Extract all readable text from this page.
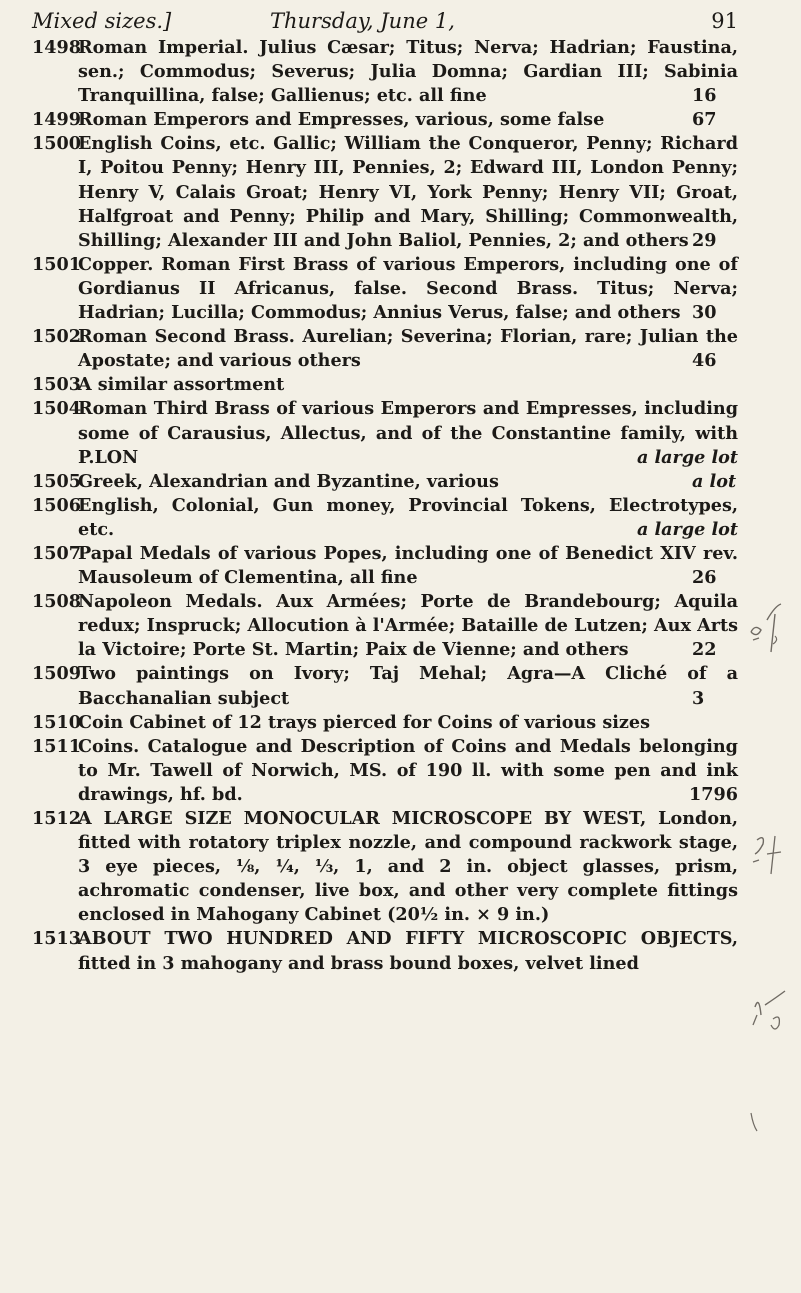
Mixed sizes.]	Thursday, June 1,	91

1498Roman Imperial. Julius Cæsar; Titus; Nerva; Hadrian; Faustina, sen.; Commodus; Severus; Julia Domna; Gardian III; Sabinia Tranquillina, false; Gallienus; etc. all fine	16

1499Roman Emperors and Empresses, various, some false	67

1500English Coins, etc. Gallic; William the Conqueror, Penny; Richard I, Poitou Penny; Henry III, Pennies, 2; Edward III, London Penny; Henry V, Calais Groat; Henry VI, York Penny; Henry VII; Groat, Halfgroat and Penny; Philip and Mary, Shilling; Commonwealth, Shilling; Alexander III and John Baliol, Pennies, 2; and others 29

1501Copper. Roman First Brass of various Emperors, including one of Gordianus II Africanus, false. Second Brass. Titus; Nerva; Hadrian; Lucilla; Commodus; Annius Verus, false; and others 30

1502Roman Second Brass. Aurelian; Severina; Florian, rare; Julian the Apostate; and various others	46

1503A similar assortment

1504Roman Third Brass of various Emperors and Empresses, including some of Carausius, Allectus, and of the Constantine family, with P.LON	a large lot

1505Greek, Alexandrian and Byzantine, various	a lot

1506English, Colonial, Gun money, Provincial Tokens, Electrotypes, etc.	a large lot

1507Papal Medals of various Popes, including one of Benedict XIV rev. Mausoleum of Clementina, all fine	26

1508Napoleon Medals. Aux Armées; Porte de Brandebourg; Aquila redux; Inspruck; Allocution à l'Armée; Bataille de Lutzen; Aux Arts la Victoire; Porte St. Martin; Paix de Vienne; and others	22

1509Two paintings on Ivory; Taj Mehal; Agra—A Cliché of a Bacchanalian subject	3

1510Coin Cabinet of 12 trays pierced for Coins of various sizes

1511Coins. Catalogue and Description of Coins and Medals belonging to Mr. Tawell of Norwich, MS. of 190 ll. with some pen and ink drawings, hf. bd.	1796

1512A LARGE SIZE MONOCULAR MICROSCOPE BY WEST, London, fitted with rotatory triplex nozzle, and compound rackwork stage, 3 eye pieces, ⅛, ¼, ⅓, 1, and 2 in. object glasses, prism, achromatic condenser, live box, and other very complete fittings enclosed in Mahogany Cabinet (20½ in. × 9 in.)

1513ABOUT TWO HUNDRED AND FIFTY MICROSCOPIC OBJECTS, fitted in 3 mahogany and brass bound boxes, velvet lined
